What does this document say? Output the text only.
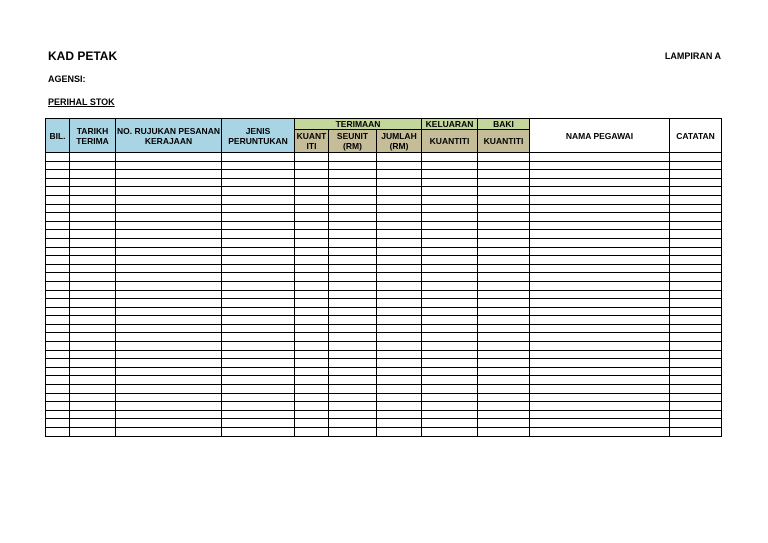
KAD PETAK	LAMPIRAN A
AGENSI:
PERIHAL STOK
BIL.	TARIKH TERIMA	NO. RUJUKAN PESANAN KERAJAAN	JENIS PERUNTUKAN	TERIMAAN			KELUARAN	BAKI	NAMA PEGAWAI	CATATAN
				KUANT ITI	SEUNIT (RM)	JUMLAH (RM)	KUANTITI	KUANTITI		
